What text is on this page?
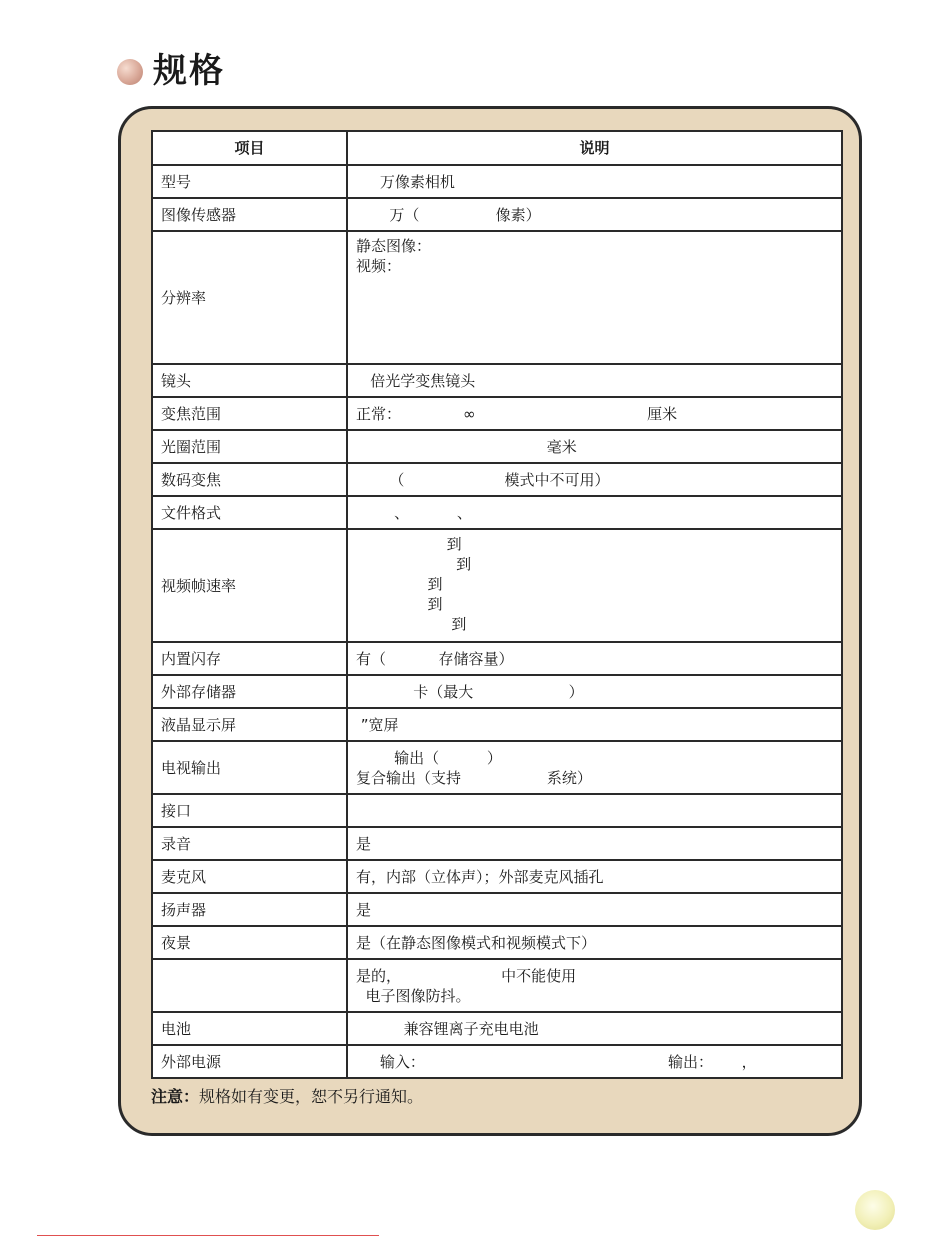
规格
项目	说明
型号	万像素相机

图像传感器	万（                像素）

分辨率	静态图像：
视频：

镜头	倍光学变焦镜头

变焦范围	正常：             ∞                                    厘米

光圈范围	毫米

数码变焦	（                     模式中不可用）

文件格式	、          、

视频帧速率	到
到
到
到
到

内置闪存	有（           存储容量）

外部存储器	卡（最大                    ）

液晶显示屏	”宽屏

电视输出	输出（          ）
复合输出（支持                  系统）

接口	

录音	是

麦克风	有，内部（立体声）；外部麦克风插孔

扬声器	是

夜景	是（在静态图像模式和视频模式下）

	是的，                     中不能使用
电子图像防抖。

电池	兼容锂离子充电电池

外部电源	输入：                                                   输出：      ，
注意：规格如有变更，恕不另行通知。
